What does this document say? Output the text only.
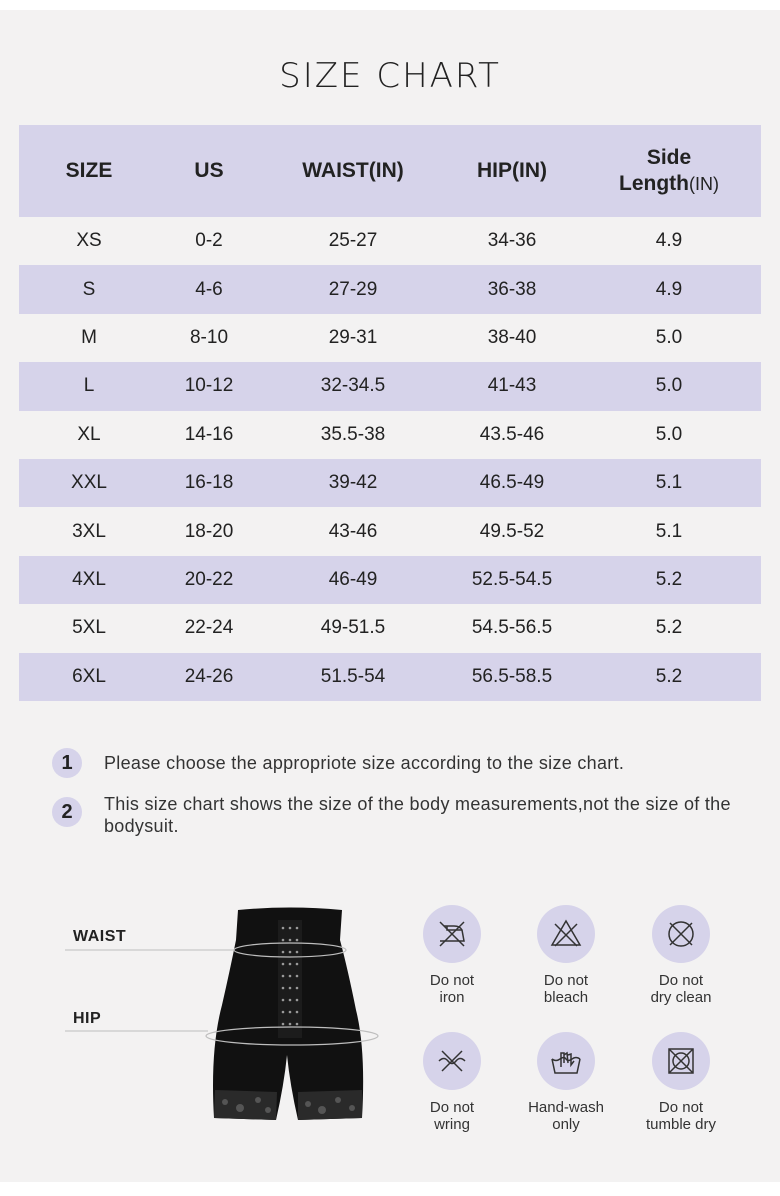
SIZE CHART
SIZE	US	WAIST(IN)	HIP(IN)	Side
Length(IN)
XS	0-2	25-27	34-36	4.9
S	4-6	27-29	36-38	4.9
M	8-10	29-31	38-40	5.0
L	10-12	32-34.5	41-43	5.0
XL	14-16	35.5-38	43.5-46	5.0
XXL	16-18	39-42	46.5-49	5.1
3XL	18-20	43-46	49.5-52	5.1
4XL	20-22	46-49	52.5-54.5	5.2
5XL	22-24	49-51.5	54.5-56.5	5.2
6XL	24-26	51.5-54	56.5-58.5	5.2
1	Please choose the appropriote size according to the size chart.
2	This size chart shows the size of the body measurements,not the size of the bodysuit.
WAIST
HIP
Do not
iron
Do not
bleach
Do not
dry clean
Do not
wring
Hand-wash
only
Do not
tumble dry
